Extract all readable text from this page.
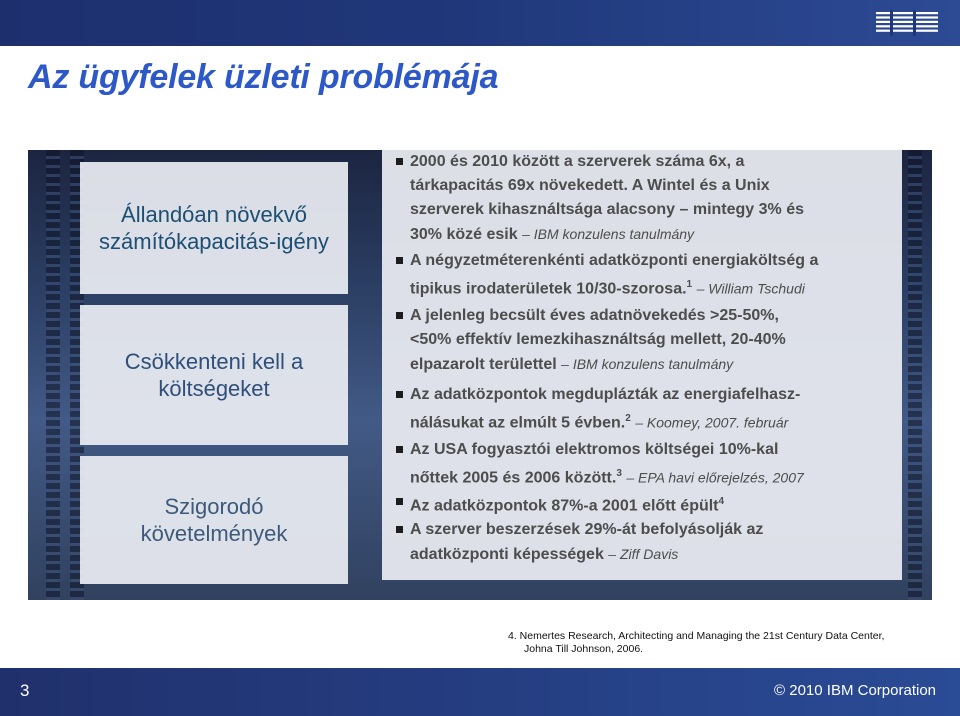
Az ügyfelek üzleti problémája
Állandóan növekvő
számítókapacitás-igény
Csökkenteni kell a
költségeket
Szigorodó
követelmények
2000 és 2010 között a szerverek száma 6x, a
tárkapacitás 69x növekedett. A Wintel és a Unix
szerverek kihasználtsága alacsony – mintegy 3% és
30% közé esik – IBM konzulens tanulmány
A négyzetméterenkénti adatközponti energiaköltség a
tipikus irodaterületek 10/30-szorosa.$^1$ – William Tschudi
A jelenleg becsült éves adatnövekedés >25-50%,
<50% effektív lemezkihasználtság mellett, 20-40%
elpazarolt területtel – IBM konzulens tanulmány
Az adatközpontok megduplázták az energiafelhasz-
nálásukat az elmúlt 5 évben.$^2$ – Koomey, 2007. február
Az USA fogyasztói elektromos költségei 10%-kal
nőttek 2005 és 2006 között.$^3$ – EPA havi előrejelzés, 2007
Az adatközpontok 87%-a 2001 előtt épült$^4$
A szerver beszerzések 29%-át befolyásolják az
adatközponti képességek – Ziff Davis
4. Nemertes Research, Architecting and Managing the 21st Century Data Center,
Johna Till Johnson, 2006.
3	© 2010 IBM Corporation
